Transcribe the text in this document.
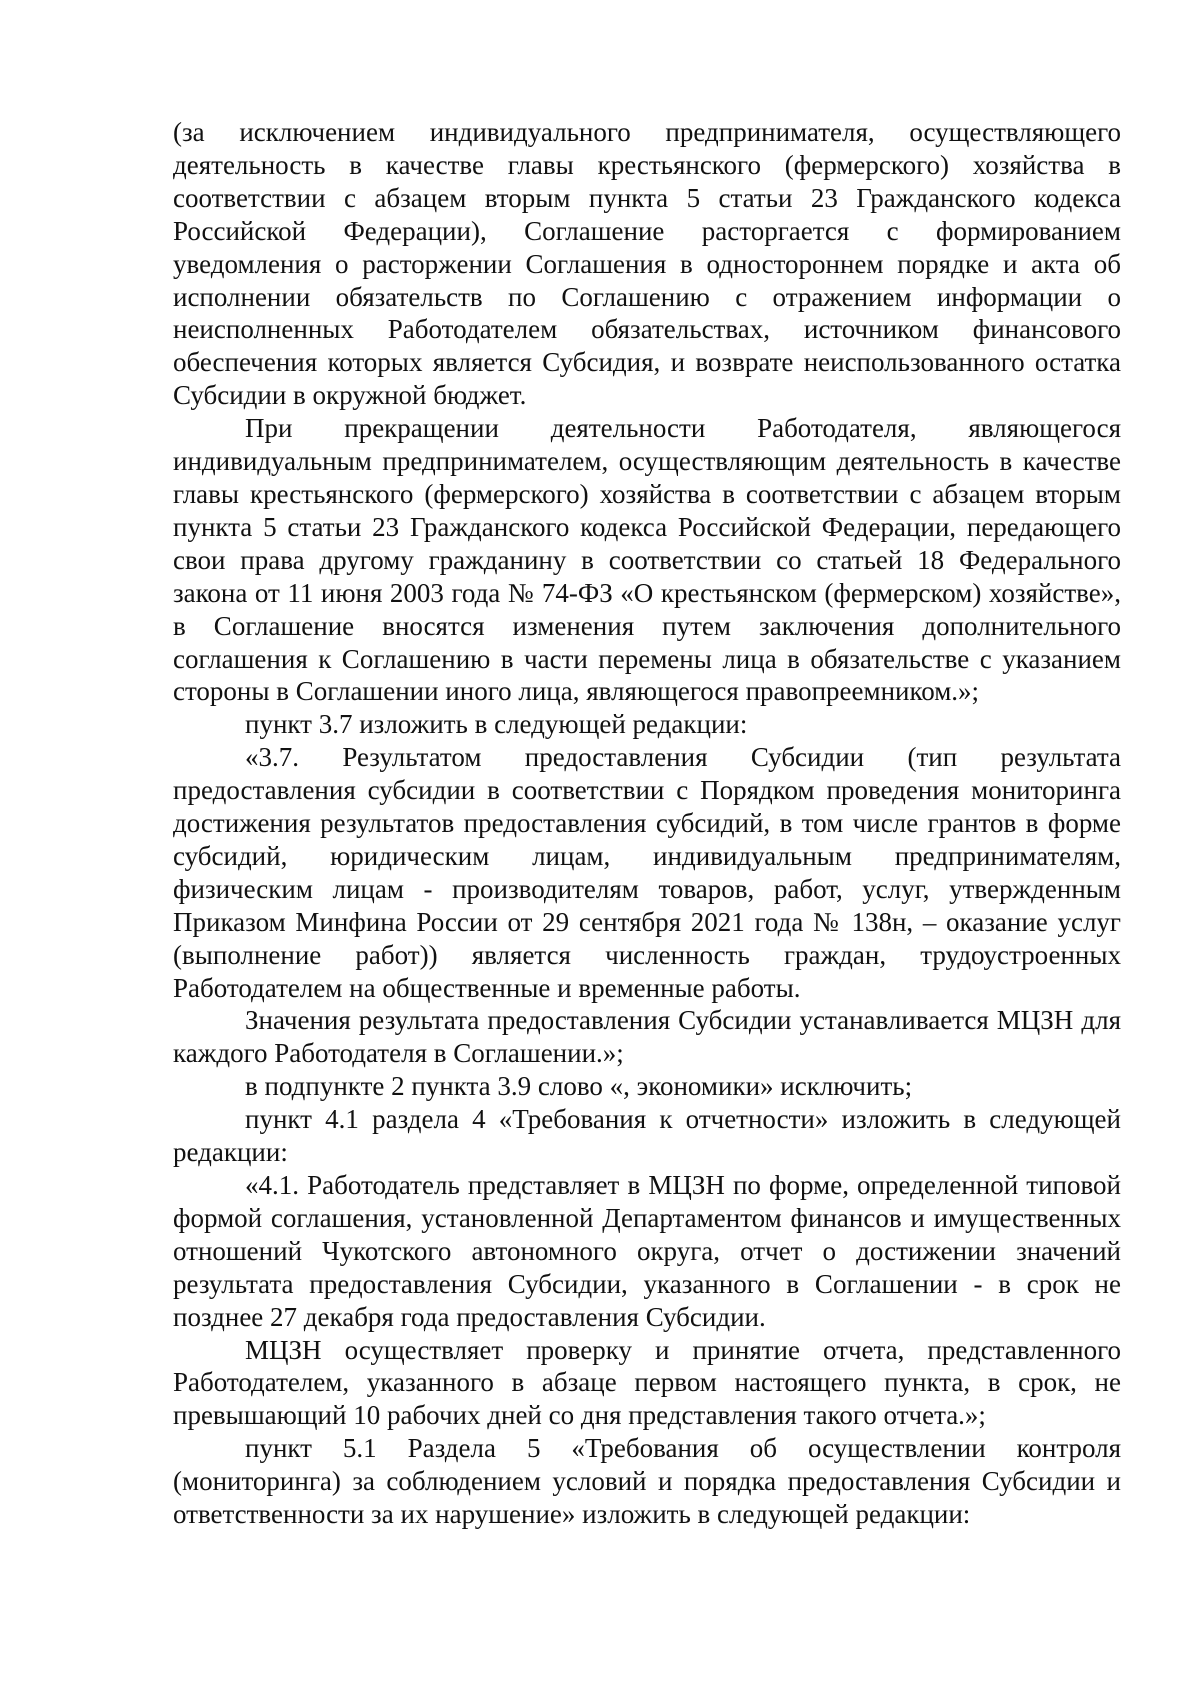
(за исключением индивидуального предпринимателя, осуществляющего деятельность в качестве главы крестьянского (фермерского) хозяйства в соответствии с абзацем вторым пункта 5 статьи 23 Гражданского кодекса Российской Федерации), Соглашение расторгается с формированием уведомления о расторжении Соглашения в одностороннем порядке и акта об исполнении обязательств по Соглашению с отражением информации о неисполненных Работодателем обязательствах, источником финансового обеспечения которых является Субсидия, и возврате неиспользованного остатка Субсидии в окружной бюджет.

При прекращении деятельности Работодателя, являющегося индивидуальным предпринимателем, осуществляющим деятельность в качестве главы крестьянского (фермерского) хозяйства в соответствии с абзацем вторым пункта 5 статьи 23 Гражданского кодекса Российской Федерации, передающего свои права другому гражданину в соответствии со статьей 18 Федерального закона от 11 июня 2003 года № 74-ФЗ «О крестьянском (фермерском) хозяйстве», в Соглашение вносятся изменения путем заключения дополнительного соглашения к Соглашению в части перемены лица в обязательстве с указанием стороны в Соглашении иного лица, являющегося правопреемником.»;

пункт 3.7 изложить в следующей редакции:

«3.7. Результатом предоставления Субсидии (тип результата предоставления субсидии в соответствии с Порядком проведения мониторинга достижения результатов предоставления субсидий, в том числе грантов в форме субсидий, юридическим лицам, индивидуальным предпринимателям, физическим лицам - производителям товаров, работ, услуг, утвержденным Приказом Минфина России от 29 сентября 2021 года № 138н, – оказание услуг (выполнение работ)) является численность граждан, трудоустроенных Работодателем на общественные и временные работы.

Значения результата предоставления Субсидии устанавливается МЦЗН для каждого Работодателя в Соглашении.»;

в подпункте 2 пункта 3.9 слово «, экономики» исключить;

пункт 4.1 раздела 4 «Требования к отчетности» изложить в следующей редакции:

«4.1. Работодатель представляет в МЦЗН по форме, определенной типовой формой соглашения, установленной Департаментом финансов и имущественных отношений Чукотского автономного округа, отчет о достижении значений результата предоставления Субсидии, указанного в Соглашении - в срок не позднее 27 декабря года предоставления Субсидии.

МЦЗН осуществляет проверку и принятие отчета, представленного Работодателем, указанного в абзаце первом настоящего пункта, в срок, не превышающий 10 рабочих дней со дня представления такого отчета.»;

пункт 5.1 Раздела 5 «Требования об осуществлении контроля (мониторинга) за соблюдением условий и порядка предоставления Субсидии и ответственности за их нарушение» изложить в следующей редакции:
